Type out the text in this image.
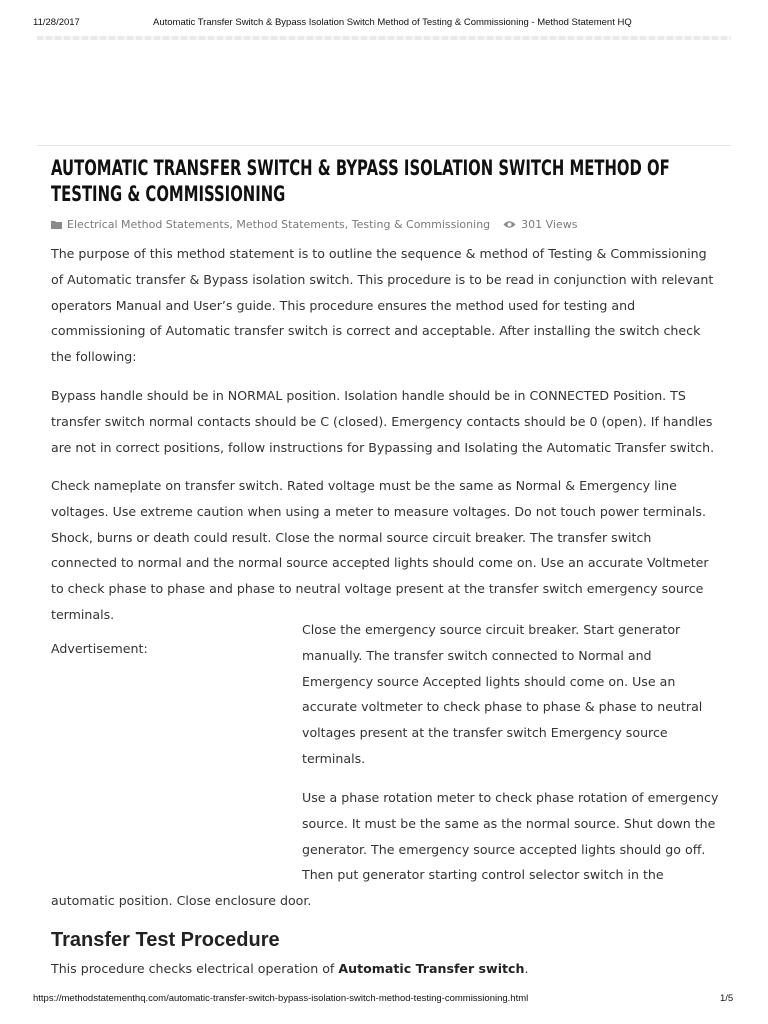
11/28/2017	Automatic Transfer Switch & Bypass Isolation Switch Method of Testing & Commissioning - Method Statement HQ
AUTOMATIC TRANSFER SWITCH & BYPASS ISOLATION SWITCH METHOD OF
TESTING & COMMISSIONING
Electrical Method Statements, Method Statements, Testing & Commissioning	301 Views

The purpose of this method statement is to outline the sequence & method of Testing & Commissioning of Automatic transfer & Bypass isolation switch. This procedure is to be read in conjunction with relevant operators Manual and User’s guide. This procedure ensures the method used for testing and commissioning of Automatic transfer switch is correct and acceptable. After installing the switch check the following:

Bypass handle should be in NORMAL position. Isolation handle should be in CONNECTED Position. TS transfer switch normal contacts should be C (closed). Emergency contacts should be 0 (open). If handles are not in correct positions, follow instructions for Bypassing and Isolating the Automatic Transfer switch.

Check nameplate on transfer switch. Rated voltage must be the same as Normal & Emergency line voltages. Use extreme caution when using a meter to measure voltages. Do not touch power terminals. Shock, burns or death could result. Close the normal source circuit breaker. The transfer switch connected to normal and the normal source accepted lights should come on. Use an accurate Voltmeter to check phase to phase and phase to neutral voltage present at the transfer switch emergency source terminals.

Advertisement:

Close the emergency source circuit breaker. Start generator manually. The transfer switch connected to Normal and Emergency source Accepted lights should come on. Use an accurate voltmeter to check phase to phase & phase to neutral voltages present at the transfer switch Emergency source terminals.

Use a phase rotation meter to check phase rotation of emergency source. It must be the same as the normal source. Shut down the generator. The emergency source accepted lights should go off. Then put generator starting control selector switch in the

automatic position. Close enclosure door.

Transfer Test Procedure

This procedure checks electrical operation of Automatic Transfer switch.

https://methodstatementhq.com/automatic-transfer-switch-bypass-isolation-switch-method-testing-commissioning.html	1/5
